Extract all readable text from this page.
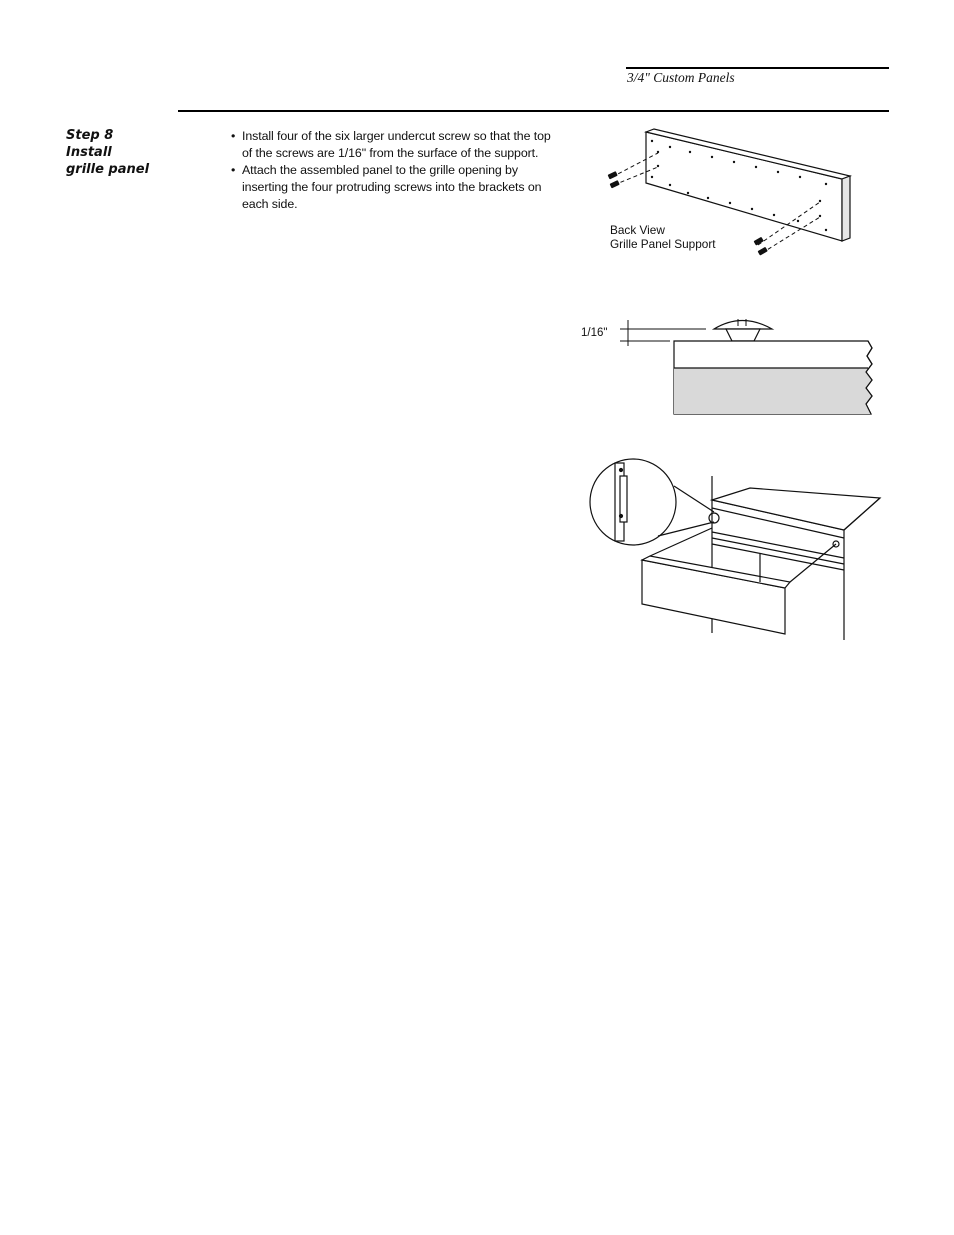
3/4" Custom Panels
Step 8
Install
grille panel
• Install four of the six larger undercut screw so that the top of the screws are 1/16" from the surface of the support.
• Attach the assembled panel to the grille opening by inserting the four protruding screws into the brackets on each side.
Back View
Grille Panel Support
1/16"
